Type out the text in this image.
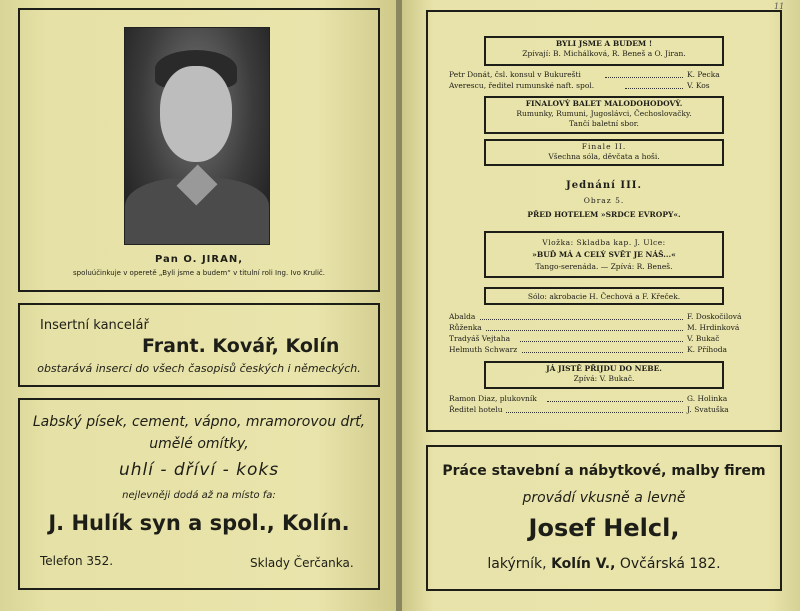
Pan O. JIRAN,
spoluúčinkuje v operetě „Byli jsme a budem“ v titulní roli Ing. Ivo Krulič.
Insertní kancelář
Frant. Kovář, Kolín
obstarává inserci do všech časopisů českých i německých.
Labský písek, cement, vápno, mramorovou drť,
umělé omítky,
uhlí - dříví - koks
nejlevněji dodá až na místo fa:
J. Hulík syn a spol., Kolín.
Telefon 352.	Sklady Čerčanka.
11
BYLI JSME A BUDEM !
Zpívají: B. Michálková, R. Beneš a O. Jiran.
Petr Donát, čsl. konsul v Bukurešti	K. Pecka
Averescu, ředitel rumunské naft. spol.	V. Kos
FINALOVÝ BALET MALODOHODOVÝ.
Rumunky, Rumuni, Jugoslávci, Čechoslovačky.
Tančí baletní sbor.
Finale II.
Všechna sóla, děvčata a hoši.
Jednání III.
Obraz 5.
PŘED HOTELEM »SRDCE EVROPY«.
Vložka: Skladba kap. J. Ulce:
»BUĎ MÁ A CELÝ SVĚT JE NÁŠ...«
Tango-serenáda. — Zpívá: R. Beneš.
Sólo: akrobacie H. Čechová a F. Křeček.
Abalda	F. Doskočilová
Růženka	M. Hrdinková
Tradyáš Vejtaha	V. Bukač
Helmuth Schwarz	K. Příhoda
JÁ JISTĚ PŘIJDU DO NEBE.
Zpívá: V. Bukač.
Ramon Diaz, plukovník	G. Holinka
Ředitel hotelu	J. Svatuška
Práce stavební a nábytkové, malby firem
provádí vkusně a levně
Josef Helcl,
lakýrník, Kolín V., Ovčárská 182.
